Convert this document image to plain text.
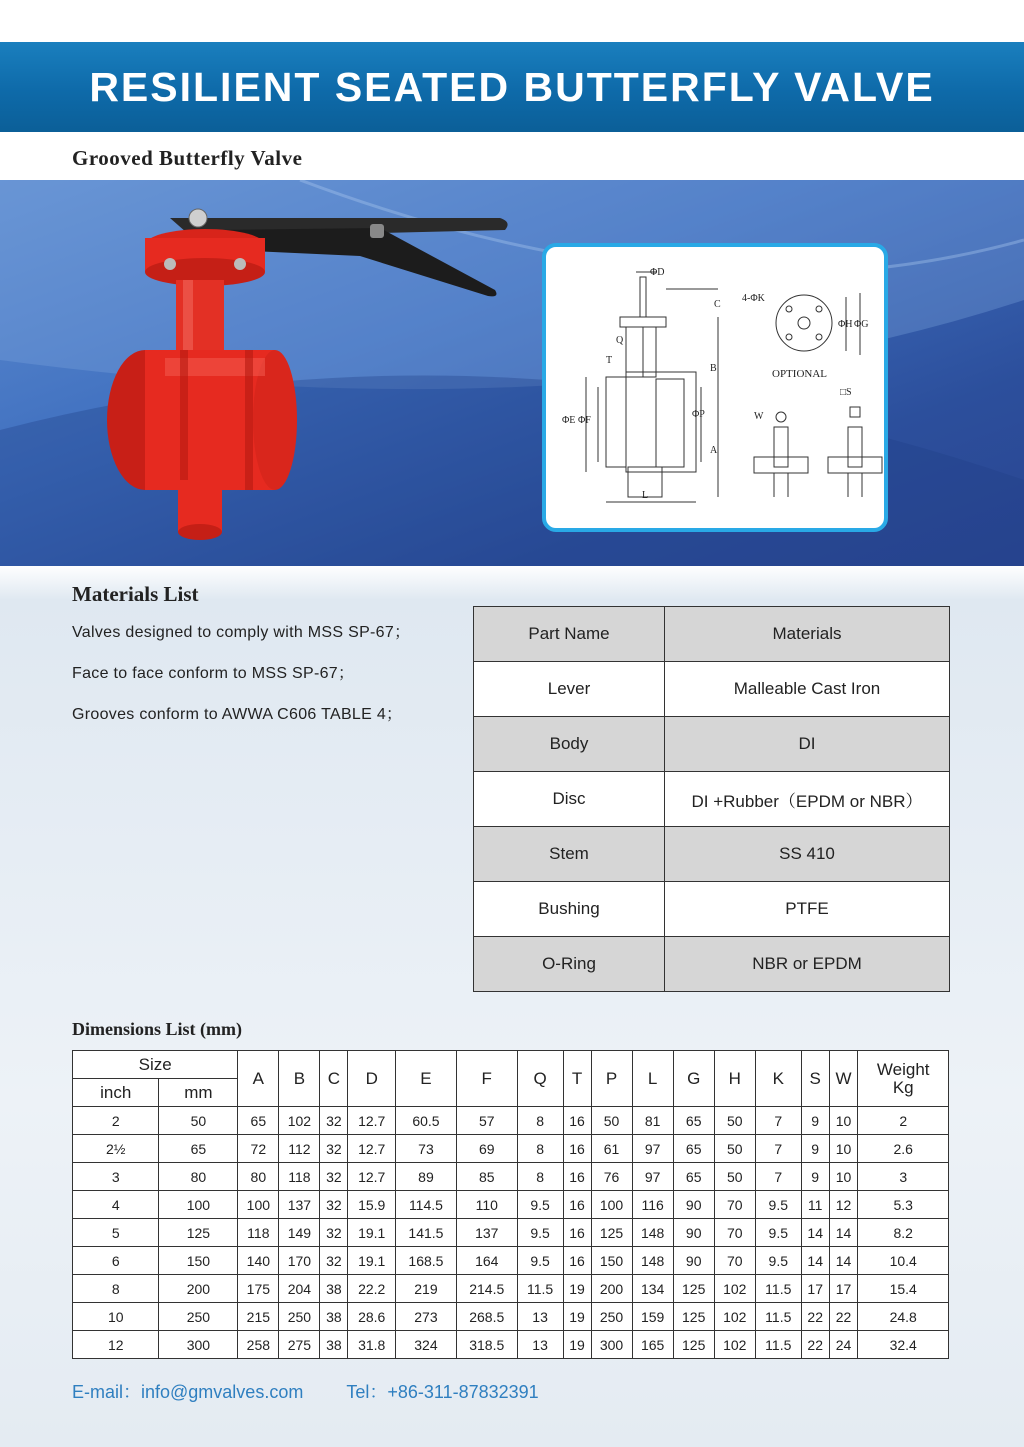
RESILIENT SEATED BUTTERFLY VALVE
Grooved Butterfly Valve
ΦD
C
4-ΦK
ΦH ΦG
Q
T
B
ΦE ΦF
ΦP
A
L
W
□S
OPTIONAL
Materials List
Valves designed to comply with MSS SP-67；
Face to face conform to MSS SP-67；
Grooves conform to AWWA C606 TABLE 4；
Part Name	Materials
Lever	Malleable Cast Iron
Body	DI
Disc	DI +Rubber（EPDM or NBR）
Stem	SS 410
Bushing	PTFE
O-Ring	NBR or EPDM
Dimensions List (mm)
Size		A	B	C	D	E	F	Q	T	P	L	G	H	K	S	W	Weight
Kg
inch	mm																
2	50	65	102	32	12.7	60.5	57	8	16	50	81	65	50	7	9	10	2
2½	65	72	112	32	12.7	73	69	8	16	61	97	65	50	7	9	10	2.6
3	80	80	118	32	12.7	89	85	8	16	76	97	65	50	7	9	10	3
4	100	100	137	32	15.9	114.5	110	9.5	16	100	116	90	70	9.5	11	12	5.3
5	125	118	149	32	19.1	141.5	137	9.5	16	125	148	90	70	9.5	14	14	8.2
6	150	140	170	32	19.1	168.5	164	9.5	16	150	148	90	70	9.5	14	14	10.4
8	200	175	204	38	22.2	219	214.5	11.5	19	200	134	125	102	11.5	17	17	15.4
10	250	215	250	38	28.6	273	268.5	13	19	250	159	125	102	11.5	22	22	24.8
12	300	258	275	38	31.8	324	318.5	13	19	300	165	125	102	11.5	22	24	32.4
E-mail：info@gmvalves.com Tel：+86-311-87832391
